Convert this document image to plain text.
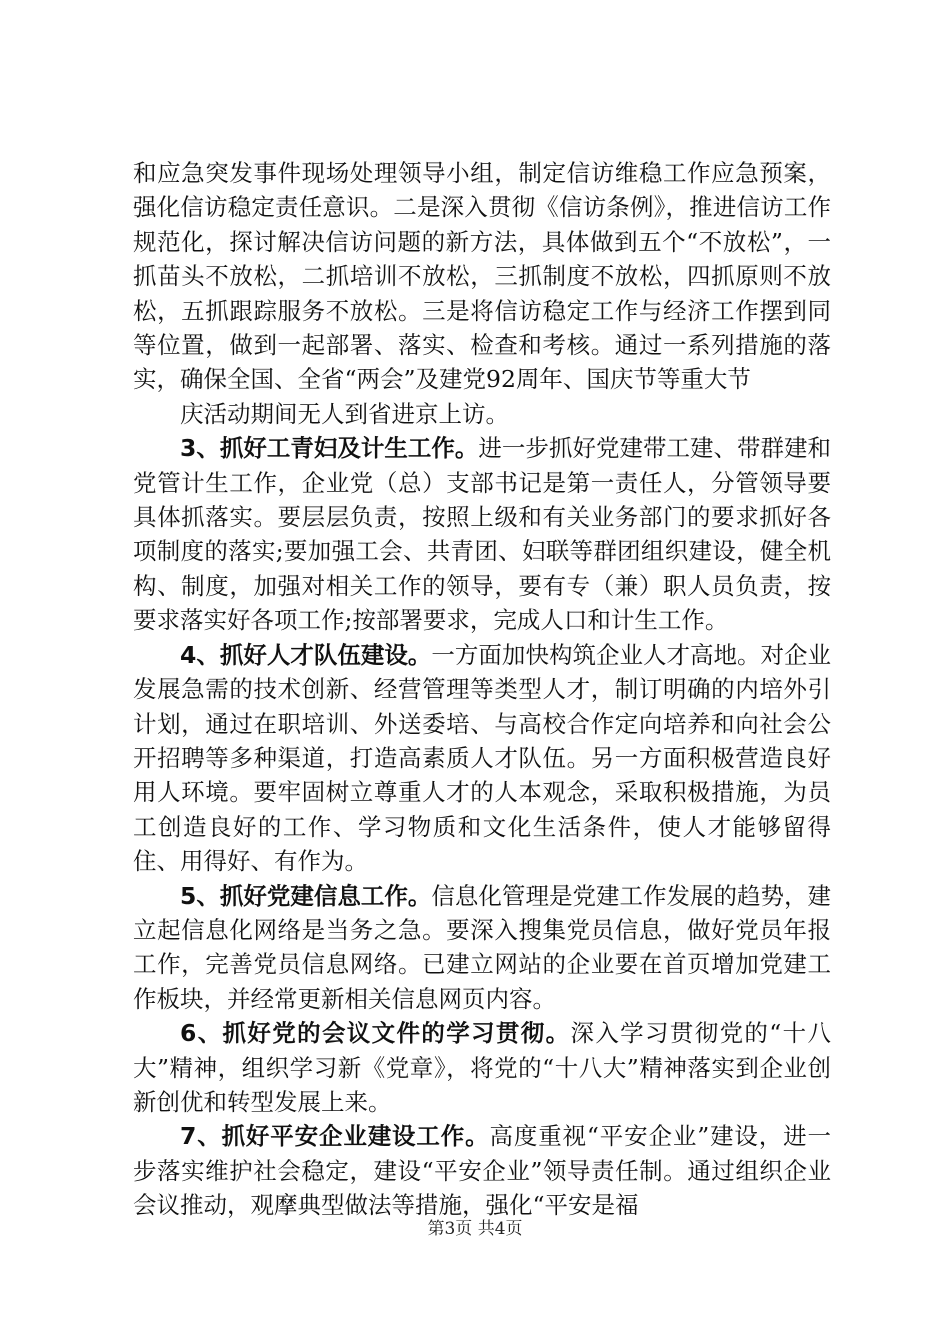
和应急突发事件现场处理领导小组，制定信访维稳工作应急预案，强化信访稳定责任意识。二是深入贯彻《信访条例》，推进信访工作规范化，探讨解决信访问题的新方法，具体做到五个“不放松”，一抓苗头不放松，二抓培训不放松，三抓制度不放松，四抓原则不放松，五抓跟踪服务不放松。三是将信访稳定工作与经济工作摆到同等位置，做到一起部署、落实、检查和考核。通过一系列措施的落实，确保全国、全省“两会”及建党92周年、国庆节等重大节

庆活动期间无人到省进京上访。

3、抓好工青妇及计生工作。进一步抓好党建带工建、带群建和党管计生工作，企业党（总）支部书记是第一责任人，分管领导要具体抓落实。要层层负责，按照上级和有关业务部门的要求抓好各项制度的落实;要加强工会、共青团、妇联等群团组织建设，健全机构、制度，加强对相关工作的领导，要有专（兼）职人员负责，按要求落实好各项工作;按部署要求，完成人口和计生工作。

4、抓好人才队伍建设。一方面加快构筑企业人才高地。对企业发展急需的技术创新、经营管理等类型人才，制订明确的内培外引计划，通过在职培训、外送委培、与高校合作定向培养和向社会公开招聘等多种渠道，打造高素质人才队伍。另一方面积极营造良好用人环境。要牢固树立尊重人才的人本观念，采取积极措施，为员工创造良好的工作、学习物质和文化生活条件，使人才能够留得住、用得好、有作为。

5、抓好党建信息工作。信息化管理是党建工作发展的趋势，建立起信息化网络是当务之急。要深入搜集党员信息，做好党员年报工作，完善党员信息网络。已建立网站的企业要在首页增加党建工作板块，并经常更新相关信息网页内容。

6、抓好党的会议文件的学习贯彻。深入学习贯彻党的“十八大”精神，组织学习新《党章》，将党的“十八大”精神落实到企业创新创优和转型发展上来。

7、抓好平安企业建设工作。高度重视“平安企业”建设，进一步落实维护社会稳定，建设“平安企业”领导责任制。通过组织企业会议推动，观摩典型做法等措施，强化“平安是福

第3页 共4页
